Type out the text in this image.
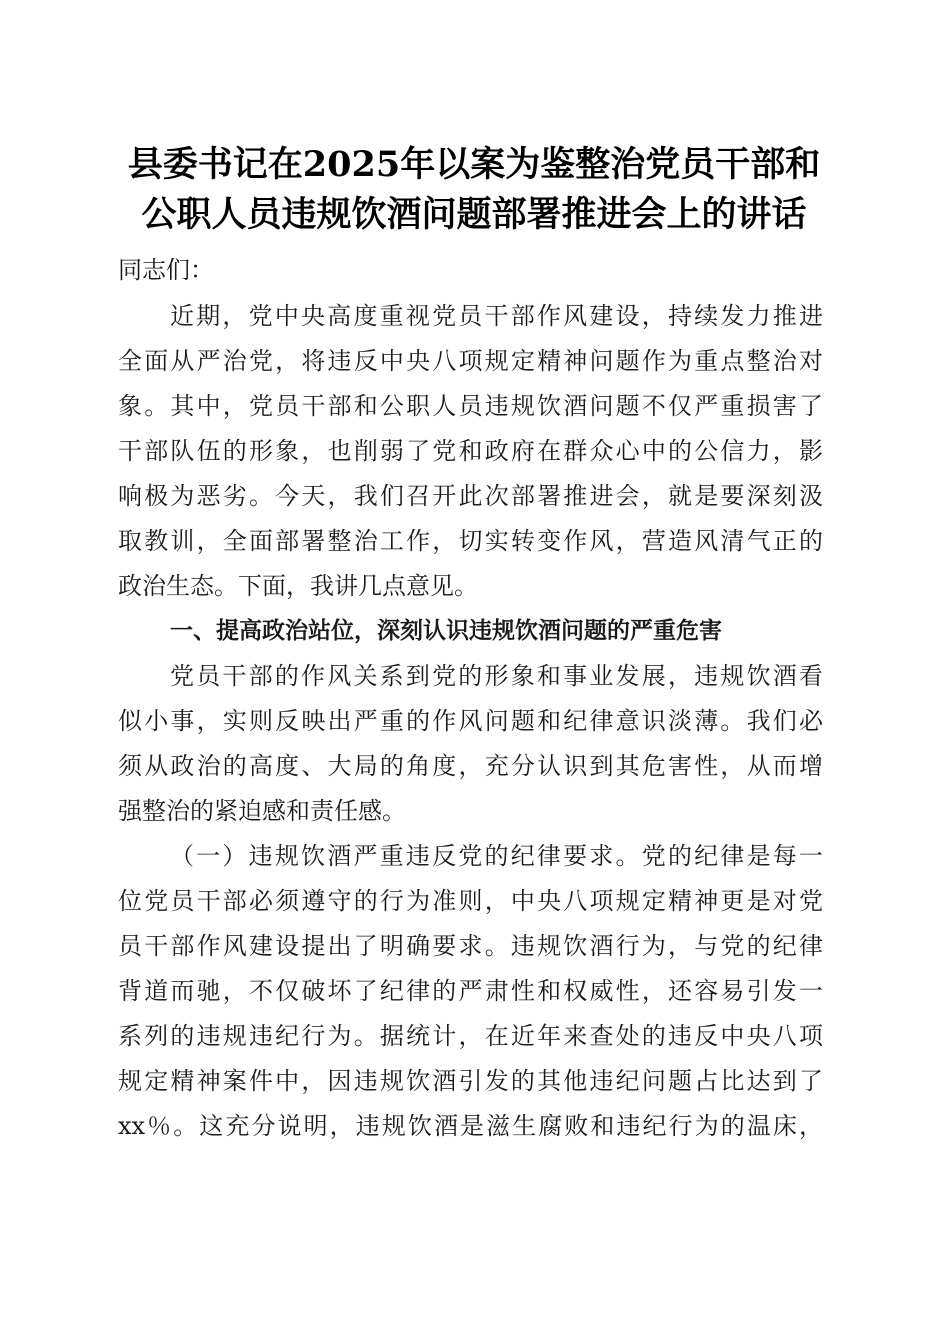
县委书记在2025年以案为鉴整治党员干部和
公职人员违规饮酒问题部署推进会上的讲话
同志们：
近期，党中央高度重视党员干部作风建设，持续发力推进
全面从严治党，将违反中央八项规定精神问题作为重点整治对
象。其中，党员干部和公职人员违规饮酒问题不仅严重损害了
干部队伍的形象，也削弱了党和政府在群众心中的公信力，影
响极为恶劣。今天，我们召开此次部署推进会，就是要深刻汲
取教训，全面部署整治工作，切实转变作风，营造风清气正的
政治生态。下面，我讲几点意见。
一、提高政治站位，深刻认识违规饮酒问题的严重危害
党员干部的作风关系到党的形象和事业发展，违规饮酒看
似小事，实则反映出严重的作风问题和纪律意识淡薄。我们必
须从政治的高度、大局的角度，充分认识到其危害性，从而增
强整治的紧迫感和责任感。
（一）违规饮酒严重违反党的纪律要求。党的纪律是每一
位党员干部必须遵守的行为准则，中央八项规定精神更是对党
员干部作风建设提出了明确要求。违规饮酒行为，与党的纪律
背道而驰，不仅破坏了纪律的严肃性和权威性，还容易引发一
系列的违规违纪行为。据统计，在近年来查处的违反中央八项
规定精神案件中，因违规饮酒引发的其他违纪问题占比达到了
xx％。这充分说明，违规饮酒是滋生腐败和违纪行为的温床，
